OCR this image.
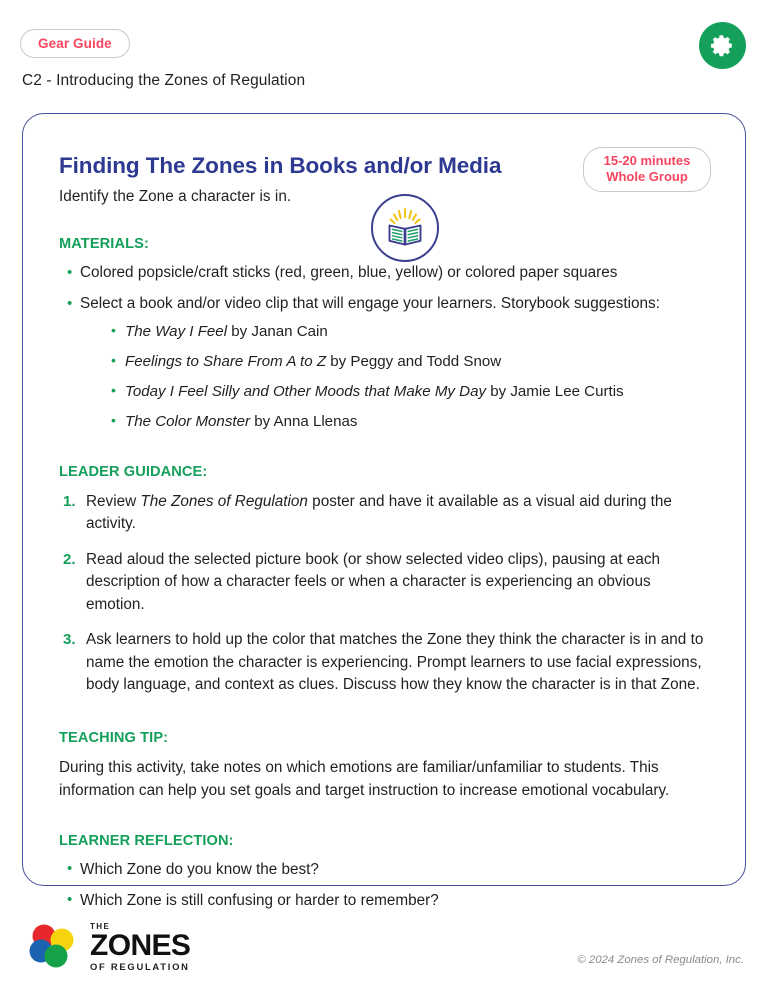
Gear Guide
C2 - Introducing the Zones of Regulation
Finding The Zones in Books and/or Media
Identify the Zone a character is in.
15-20 minutes
Whole Group
MATERIALS:
• Colored popsicle/craft sticks (red, green, blue, yellow) or colored paper squares
• Select a book and/or video clip that will engage your learners. Storybook suggestions:
• The Way I Feel by Janan Cain
• Feelings to Share From A to Z by Peggy and Todd Snow
• Today I Feel Silly and Other Moods that Make My Day by Jamie Lee Curtis
• The Color Monster by Anna Llenas
LEADER GUIDANCE:
Review The Zones of Regulation poster and have it available as a visual aid during the activity.
Read aloud the selected picture book (or show selected video clips), pausing at each description of how a character feels or when a character is experiencing an obvious emotion.
Ask learners to hold up the color that matches the Zone they think the character is in and to name the emotion the character is experiencing. Prompt learners to use facial expressions, body language, and context as clues. Discuss how they know the character is in that Zone.
TEACHING TIP:
During this activity, take notes on which emotions are familiar/unfamiliar to students. This information can help you set goals and target instruction to increase emotional vocabulary.
LEARNER REFLECTION:
• Which Zone do you know the best?
• Which Zone is still confusing or harder to remember?
THE
ZONES
OF REGULATION
© 2024 Zones of Regulation, Inc.
